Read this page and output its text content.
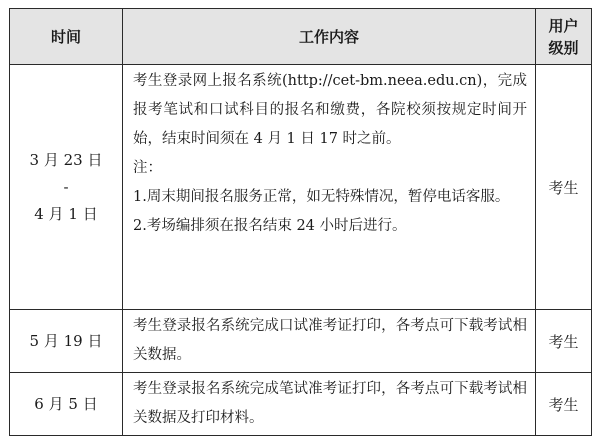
时间	工作内容	用户
级别

3 月 23 日
-
4 月 1 日	考生登录网上报名系统(http://cet-bm.neea.edu.cn)，完成报考笔试和口试科目的报名和缴费，各院校须按规定时间开始，结束时间须在 4 月 1 日 17 时之前。
注：
1.周末期间报名服务正常，如无特殊情况，暂停电话客服。
2.考场编排须在报名结束 24 小时后进行。	考生
5 月 19 日	考生登录报名系统完成口试准考证打印，各考点可下载考试相关数据。	考生
6 月 5 日	考生登录报名系统完成笔试准考证打印，各考点可下载考试相关数据及打印材料。	考生
